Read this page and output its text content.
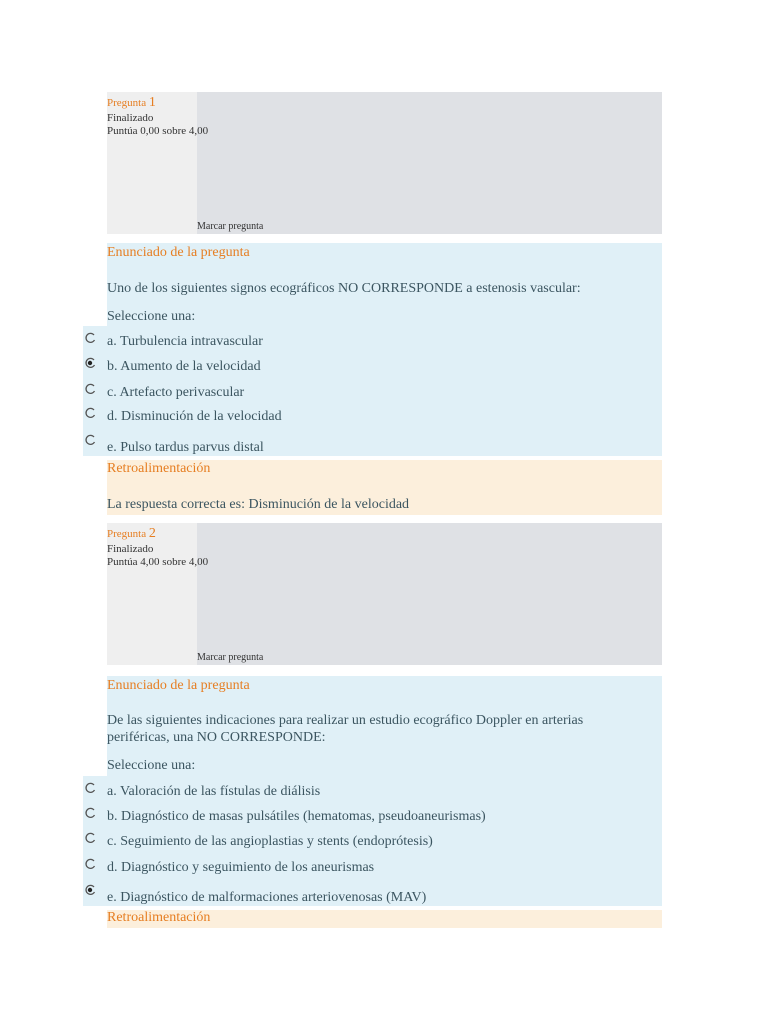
Pregunta 1
Finalizado
Puntúa 0,00 sobre 4,00
Marcar pregunta
Enunciado de la pregunta
Uno de los siguientes signos ecográficos NO CORRESPONDE a estenosis vascular:
Seleccione una:
a. Turbulencia intravascular
b. Aumento de la velocidad
c. Artefacto perivascular
d. Disminución de la velocidad
e. Pulso tardus parvus distal
Retroalimentación
La respuesta correcta es: Disminución de la velocidad
Pregunta 2
Finalizado
Puntúa 4,00 sobre 4,00
Marcar pregunta
Enunciado de la pregunta
De las siguientes indicaciones para realizar un estudio ecográfico Doppler en arterias periféricas, una NO CORRESPONDE:
Seleccione una:
a. Valoración de las fístulas de diálisis
b. Diagnóstico de masas pulsátiles (hematomas, pseudoaneurismas)
c. Seguimiento de las angioplastias y stents (endoprótesis)
d. Diagnóstico y seguimiento de los aneurismas
e. Diagnóstico de malformaciones arteriovenosas (MAV)
Retroalimentación
